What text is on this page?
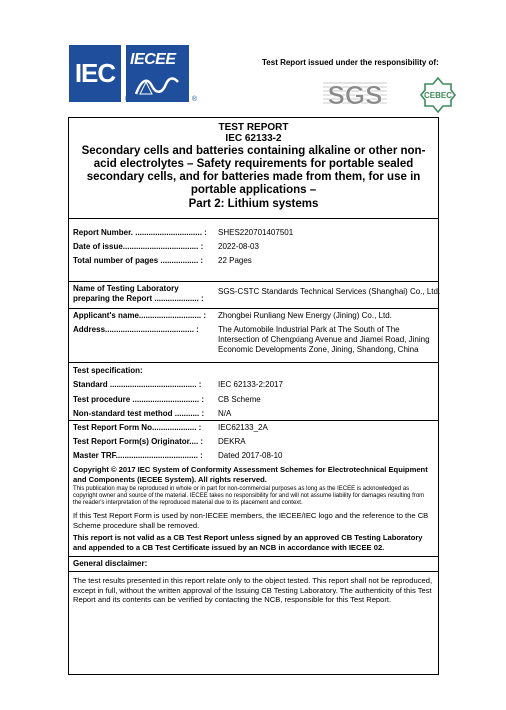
IEC IECEE
®
Test Report issued under the responsibility of:
SGS	CEBEC
TEST REPORT
IEC 62133-2
Secondary cells and batteries containing alkaline or other non-acid electrolytes – Safety requirements for portable sealed secondary cells, and for batteries made from them, for use in portable applications –
Part 2: Lithium systems
Report Number. .............................. : SHES220701407501
Date of issue.................................. : 2022-08-03
Total number of pages ................. : 22 Pages
Name of Testing Laboratory
preparing the Report .................... :
SGS-CSTC Standards Technical Services (Shanghai) Co., Ltd.
Applicant's name............................ : Zhongbei Runliang New Energy (Jining) Co., Ltd.
Address........................................ : The Automobile Industrial Park at The South of The Intersection of Chengxiang Avenue and Jiamei Road, Jining Economic Developments Zone, Jining, Shandong, China
Test specification:
Standard ....................................... : IEC 62133-2:2017
Test procedure .............................. : CB Scheme
Non-standard test method ........... : N/A
Test Report Form No.................... : IEC62133_2A
Test Report Form(s) Originator.... : DEKRA
Master TRF..................................... : Dated 2017-08-10
Copyright © 2017 IEC System of Conformity Assessment Schemes for Electrotechnical Equipment and Components (IECEE System). All rights reserved.
This publication may be reproduced in whole or in part for non-commercial purposes as long as the IECEE is acknowledged as copyright owner and source of the material. IECEE takes no responsibility for and will not assume liability for damages resulting from the reader's interpretation of the reproduced material due to its placement and context.
If this Test Report Form is used by non-IECEE members, the IECEE/IEC logo and the reference to the CB Scheme procedure shall be removed.
This report is not valid as a CB Test Report unless signed by an approved CB Testing Laboratory and appended to a CB Test Certificate issued by an NCB in accordance with IECEE 02.
General disclaimer:
The test results presented in this report relate only to the object tested. This report shall not be reproduced, except in full, without the written approval of the Issuing CB Testing Laboratory. The authenticity of this Test Report and its contents can be verified by contacting the NCB, responsible for this Test Report.
